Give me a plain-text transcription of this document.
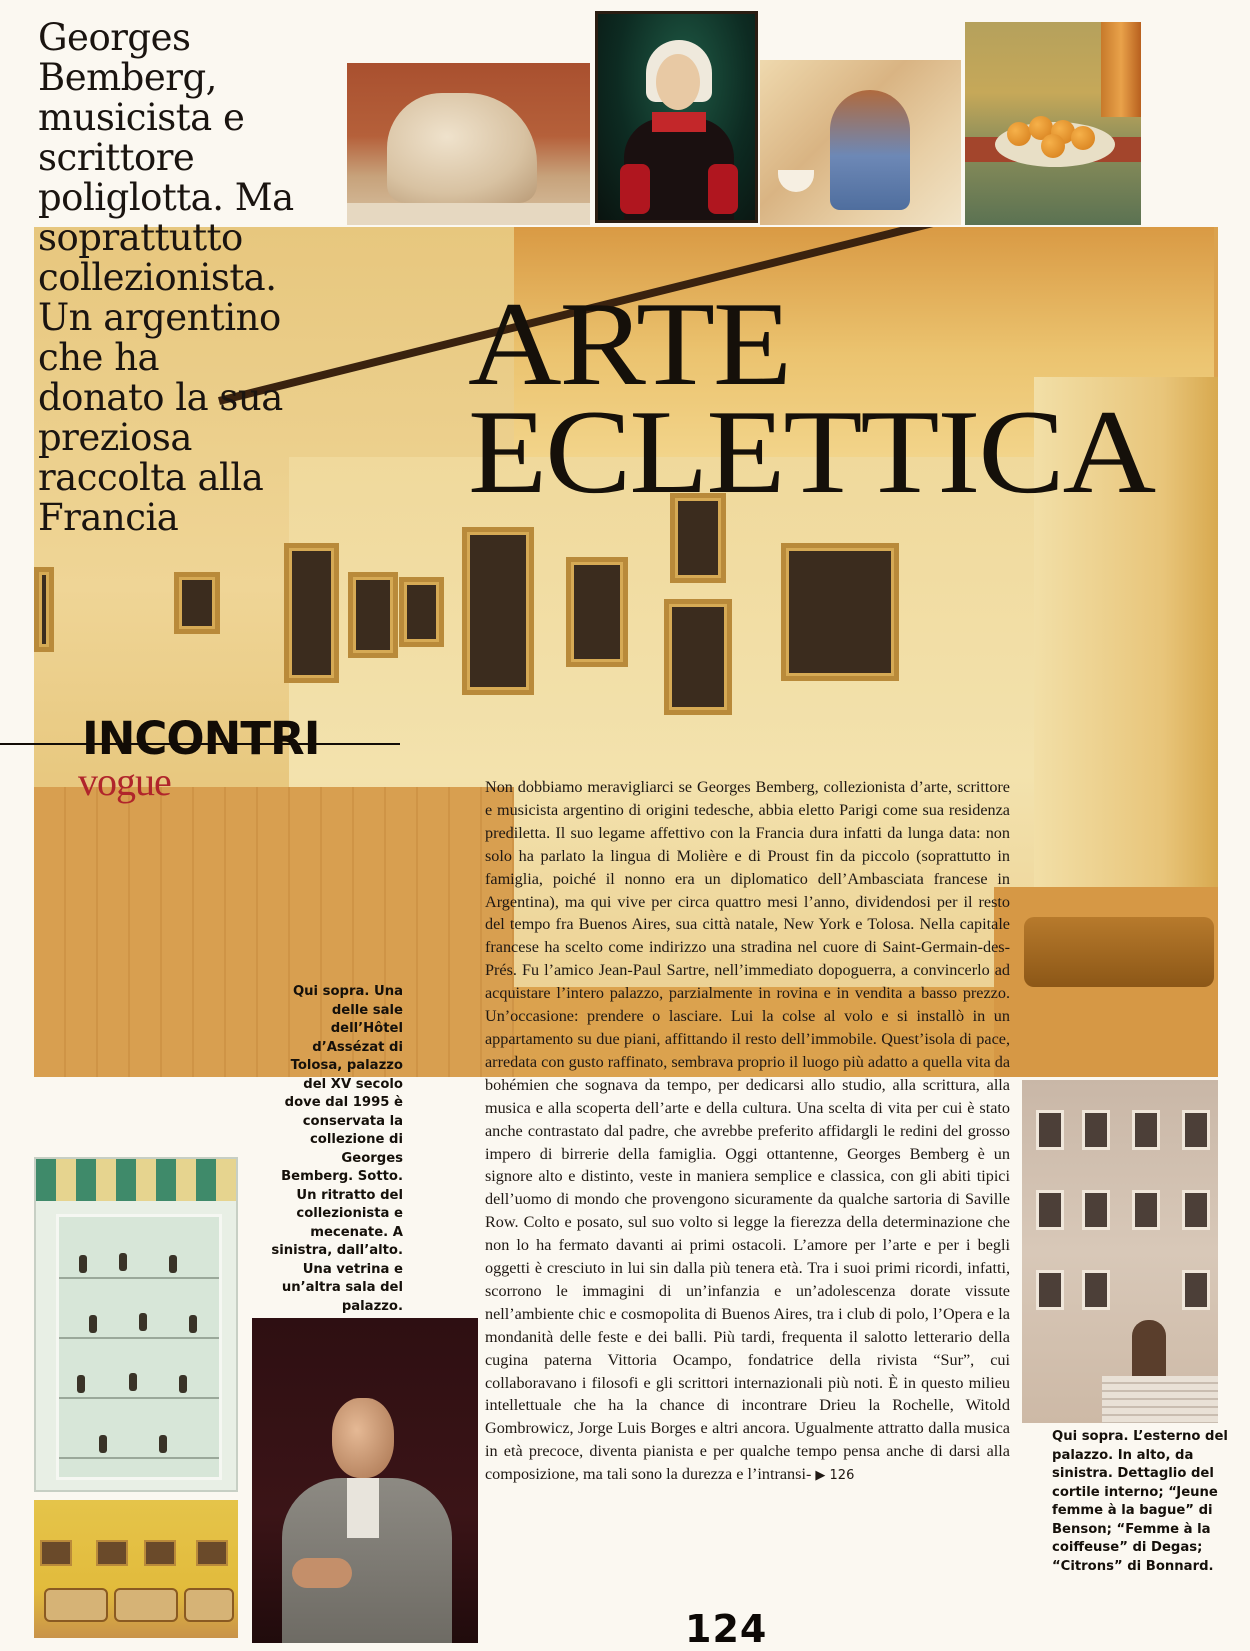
Georges
Bemberg,
musicista e
scrittore
poliglotta. Ma
soprattutto
collezionista.
Un argentino
che ha
donato la sua
preziosa
raccolta alla
Francia
ARTE
ECLETTICA
INCONTRI
vogue	Non dobbiamo meravigliarci se Georges Bemberg, collezionista d’arte, scrittore e musicista argentino di origini tedesche, abbia eletto Parigi come sua residenza prediletta. Il suo legame affettivo con la Francia dura infatti da lunga data: non solo ha parlato la lingua di Molière e di Proust fin da piccolo (soprattutto in famiglia, poiché il nonno era un diplomatico dell’Ambasciata francese in Argentina), ma qui vive per circa quattro mesi l’anno, dividendosi per il resto del tempo fra Buenos Aires, sua città natale, New York e Tolosa. Nella capitale francese ha scelto come indirizzo una stradina nel cuore di Saint-Germain-des-Prés. Fu l’amico Jean-Paul Sartre, nell’immediato dopoguerra, a convincerlo ad acquistare l’intero palazzo, parzialmente in rovina e in vendita a basso prezzo. Un’occasione: prendere o lasciare. Lui la colse al volo e si installò in un appartamento su due piani, affittando il resto dell’immobile. Quest’isola di pace, arredata con gusto raffinato, sembrava proprio il luogo più adatto a quella vita da bohémien che sognava da tempo, per dedicarsi allo studio, alla scrittura, alla musica e alla scoperta dell’arte e della cultura. Una scelta di vita per cui è stato anche contrastato dal padre, che avrebbe preferito affidargli le redini del grosso impero di birrerie della famiglia. Oggi ottantenne, Georges Bemberg è un signore alto e distinto, veste in maniera semplice e classica, con gli abiti tipici dell’uomo di mondo che provengono sicuramente da qualche sartoria di Saville Row. Colto e posato, sul suo volto si legge la fierezza della determinazione che non lo ha fermato davanti ai primi ostacoli. L’amore per l’arte e per i begli oggetti è cresciuto in lui sin dalla più tenera età. Tra i suoi primi ricordi, infatti, scorrono le immagini di un’infanzia e un’adolescenza dorate vissute nell’ambiente chic e cosmopolita di Buenos Aires, tra i club di polo, l’Opera e la mondanità delle feste e dei balli. Più tardi, frequenta il salotto letterario della cugina paterna Vittoria Ocampo, fondatrice della rivista “Sur”, cui collaboravano i filosofi e gli scrittori internazionali più noti. È in questo milieu intellettuale che ha la chance di incontrare Drieu la Rochelle, Witold Gombrowicz, Jorge Luis Borges e altri ancora. Ugualmente attratto dalla musica in età precoce, diventa pianista e per qualche tempo pensa anche di darsi alla composizione, ma tali sono la durezza e l’intransi- ▶ 126

Qui sopra. Una delle sale dell’Hôtel d’Assézat di Tolosa, palazzo del XV secolo dove dal 1995 è conservata la collezione di Georges Bemberg. Sotto. Un ritratto del collezionista e mecenate. A sinistra, dall’alto. Una vetrina e un’altra sala del palazzo.
Qui sopra. L’esterno del palazzo. In alto, da sinistra. Dettaglio del cortile interno; “Jeune femme à la bague” di Benson; “Femme à la coiffeuse” di Degas; “Citrons” di Bonnard.
124
